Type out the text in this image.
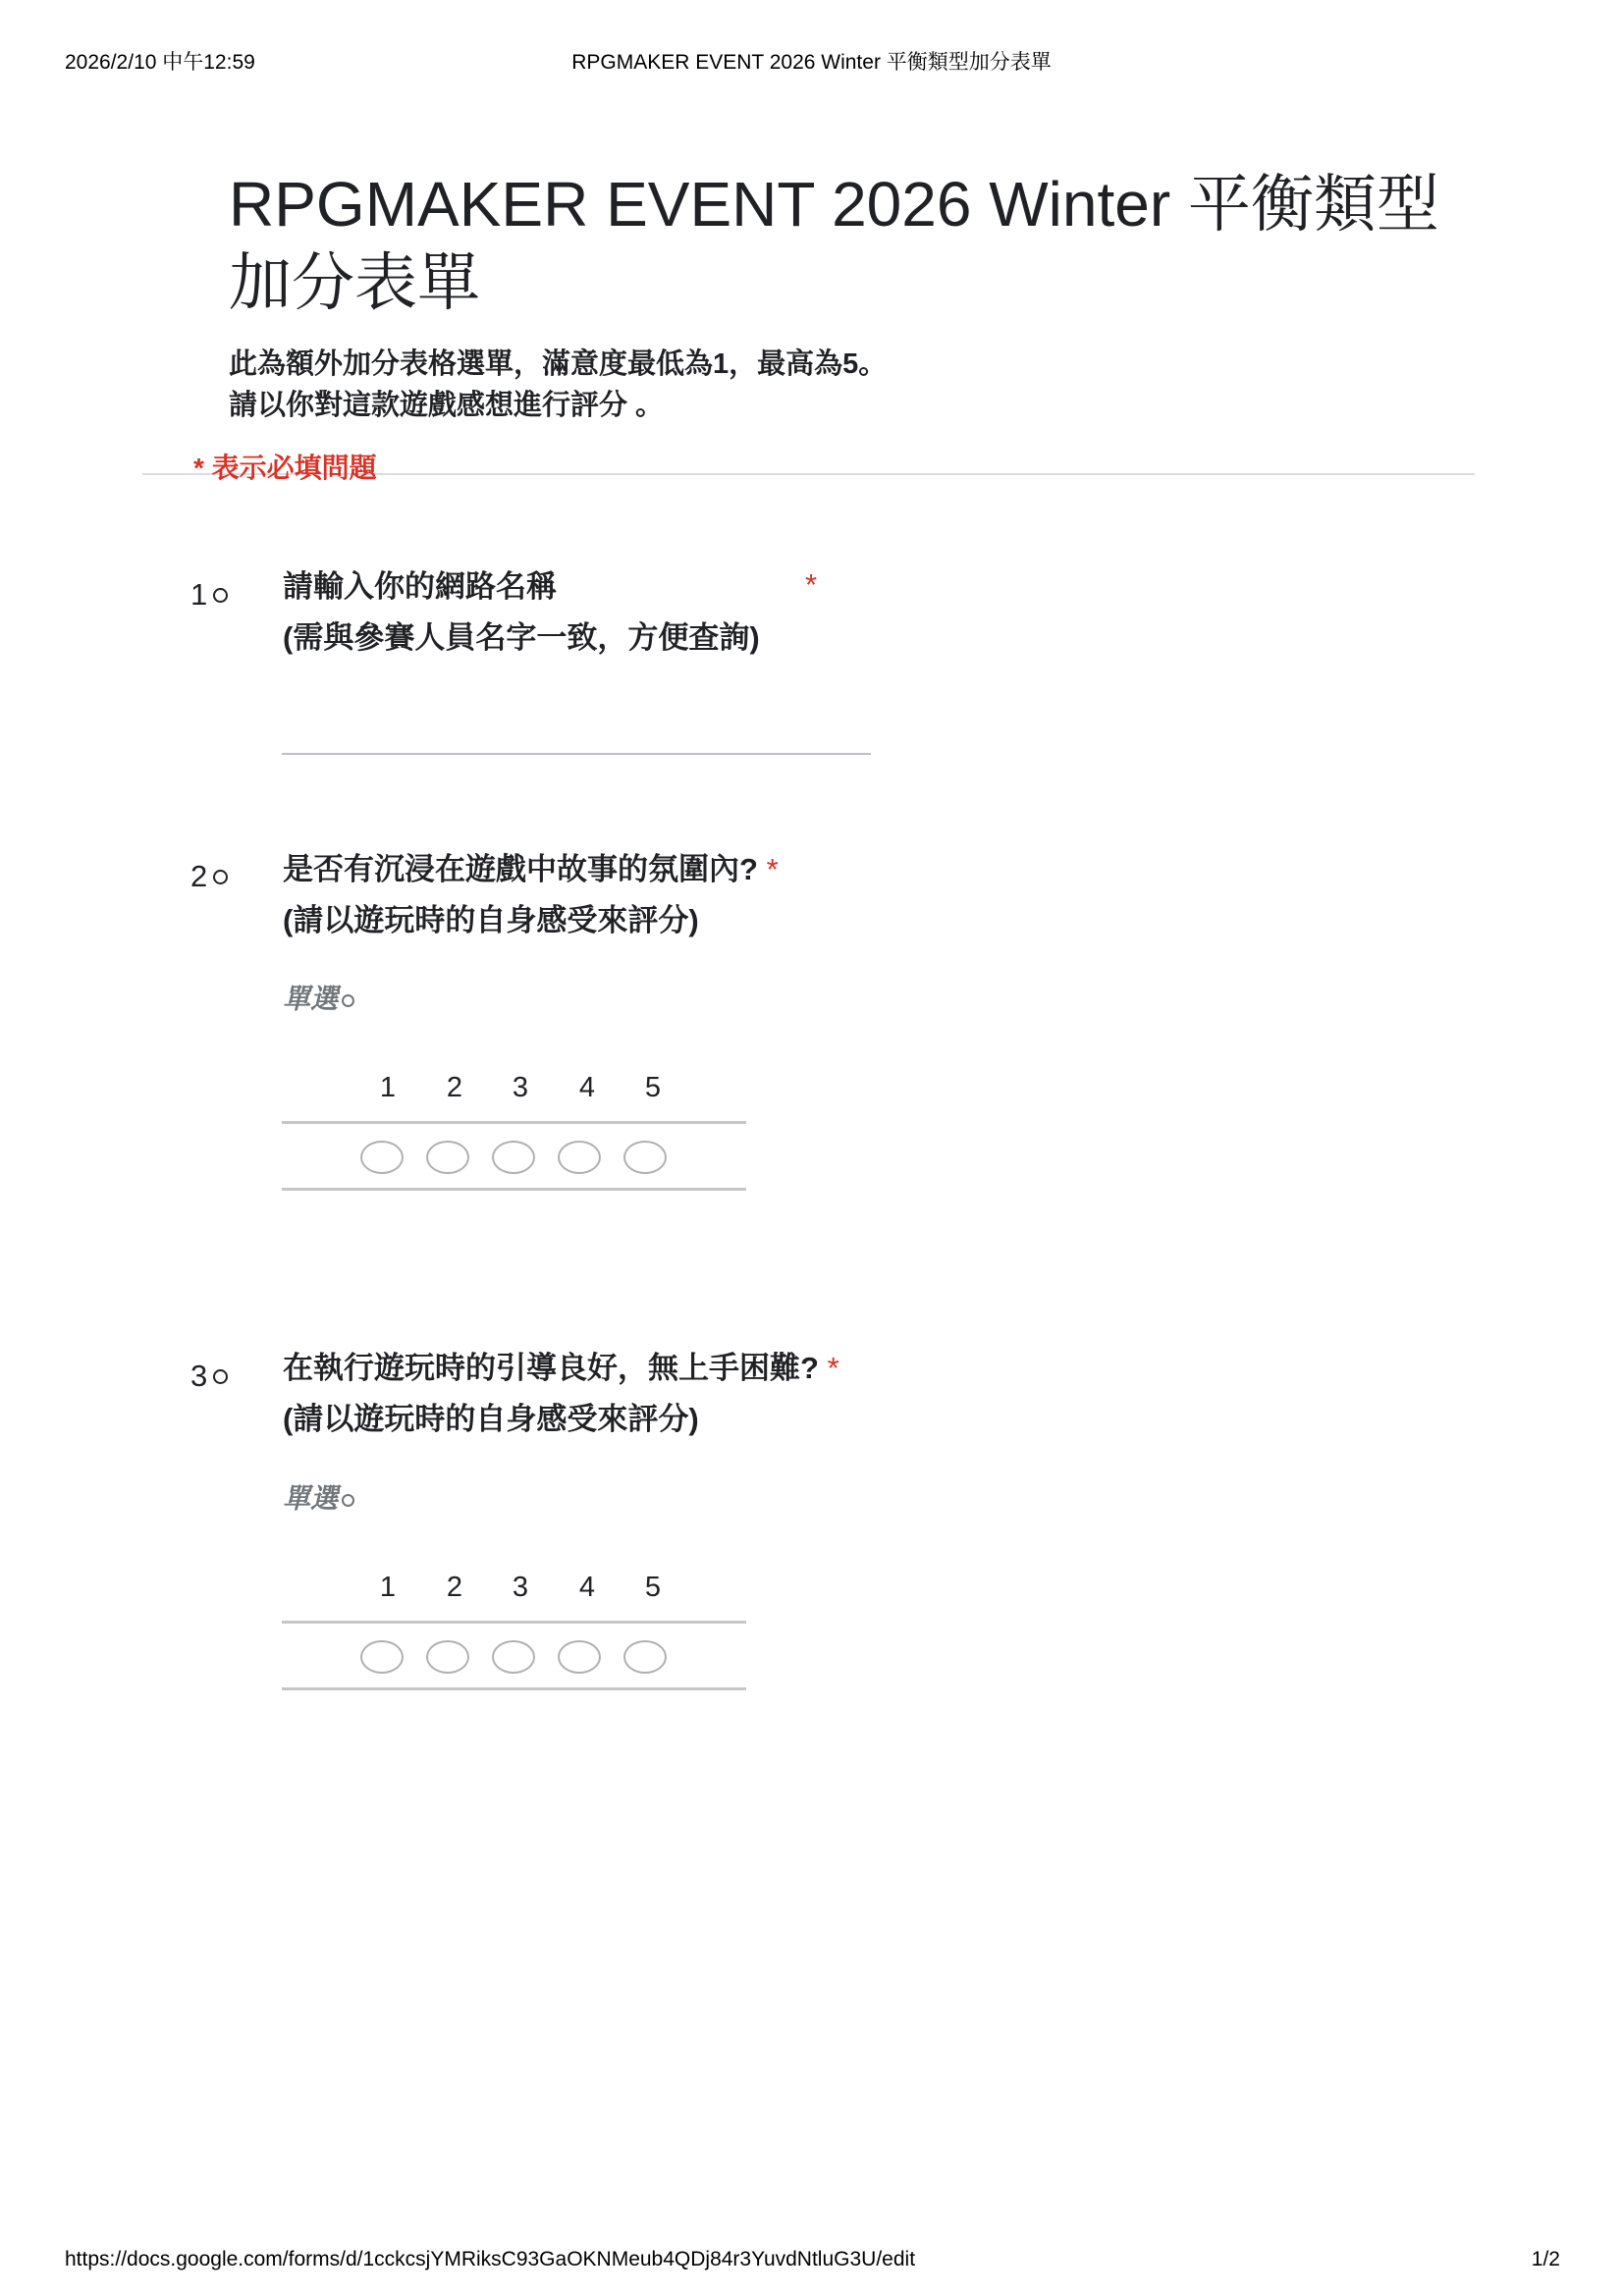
2026/2/10 中午12:59	RPGMAKER EVENT 2026 Winter 平衡類型加分表單
RPGMAKER EVENT 2026 Winter 平衡類型加分表單
此為額外加分表格選單，滿意度最低為1，最高為5。
請以你對這款遊戲感想進行評分 。
* 表示必填問題
1	請輸入你的網路名稱	*
(需與參賽人員名字一致，方便查詢)
2	是否有沉浸在遊戲中故事的氛圍內? *
(請以遊玩時的自身感受來評分)
單選
1	2	3	4	5
3	在執行遊玩時的引導良好，無上手困難? *
(請以遊玩時的自身感受來評分)
單選
1	2	3	4	5
https://docs.google.com/forms/d/1cckcsjYMRiksC93GaOKNMeub4QDj84r3YuvdNtluG3U/edit	1/2
